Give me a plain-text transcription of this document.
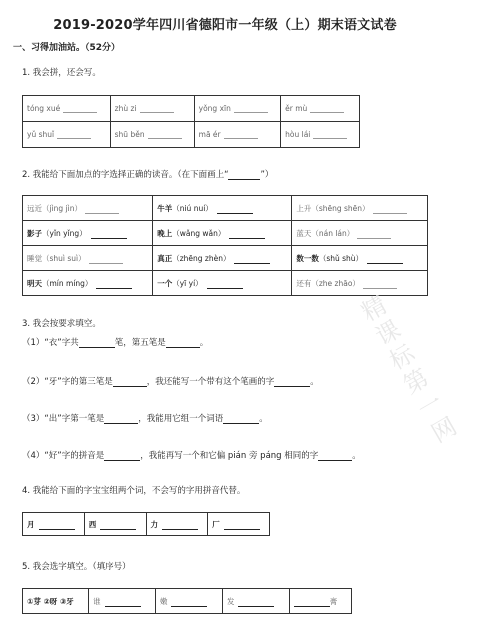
2019-2020学年四川省德阳市一年级（上）期末语文试卷
一、习得加油站。（52分）
1. 我会拼，还会写。
tóng xué	zhù zi	yǒng xīn	ěr mù
yǔ shuǐ	shū běn	mā ér	hòu lái
2. 我能给下面加点的字选择正确的读音。（在下面画上“	”）
远近（jìng jìn）	牛羊（niú nuí）	上升（shēng shēn）
影子（yǐn yǐng）	晚上（wǎng wǎn）	蓝天（nán lán）
睡觉（shuì suì）	真正（zhēng zhèn）	数一数（shǔ shù）
明天（mín míng）	一个（yī yí）	还有（zhe zhāo）
3. 我会按要求填空。
（1）“衣”字共	笔，第五笔是	。
（2）“牙”字的第三笔是	，我还能写一个带有这个笔画的字	。
（3）“出”字第一笔是	，我能用它组一个词语	。
（4）“好”字的拼音是	，我能再写一个和它偏 pián 旁 páng 相同的字	。
4. 我能给下面的字宝宝组两个词，不会写的字用拼音代替。
月	西	力	厂
5. 我会选字填空。（填序号）
①芽 ②呀 ③牙	谁	嫩	发	膏
精课标第一网
